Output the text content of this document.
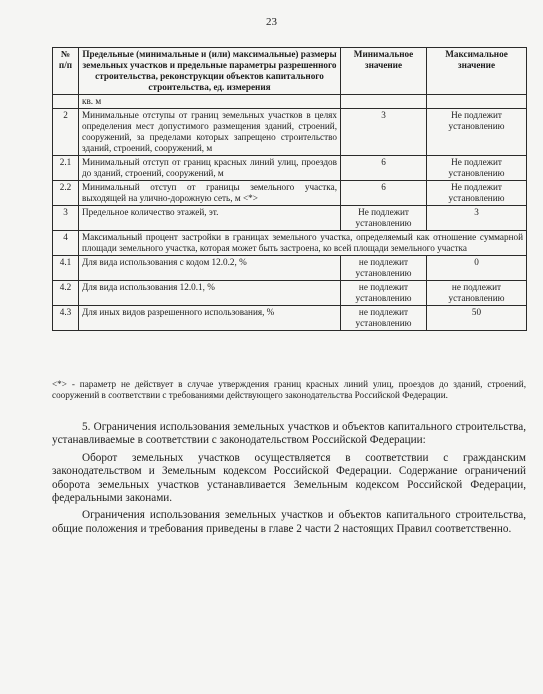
23
№ п/п	Предельные (минимальные и (или) максимальные) размеры земельных участков и предельные параметры разрешенного строительства, реконструкции объектов капитального строительства, ед. измерения	Минимальное значение	Максимальное значение
	кв. м		
2	Минимальные отступы от границ земельных участков в целях определения мест допустимого размещения зданий, строений, сооружений, за пределами которых запрещено строительство зданий, строений, сооружений, м	3	Не подлежит установлению
2.1	Минимальный отступ от границ красных линий улиц, проездов до зданий, строений, сооружений, м	6	Не подлежит установлению
2.2	Минимальный отступ от границы земельного участка, выходящей на улично-дорожную сеть, м <*>	6	Не подлежит установлению
3	Предельное количество этажей, эт.	Не подлежит установлению	3
4	Максимальный процент застройки в границах земельного участка, определяемый как отношение суммарной площади земельного участка, которая может быть застроена, ко всей площади земельного участка		
4.1	Для вида использования с кодом 12.0.2, %	не подлежит установлению	0
4.2	Для вида использования 12.0.1, %	не подлежит установлению	не подлежит установлению
4.3	Для иных видов разрешенного использования, %	не подлежит установлению	50
<*> - параметр не действует в случае утверждения границ красных линий улиц, проездов до зданий, строений, сооружений в соответствии с требованиями действующего законодательства Российской Федерации.

5. Ограничения использования земельных участков и объектов капитального строительства, устанавливаемые в соответствии с законодательством Российской Федерации:

Оборот земельных участков осуществляется в соответствии с гражданским законодательством и Земельным кодексом Российской Федерации. Содержание ограничений оборота земельных участков устанавливается Земельным кодексом Российской Федерации, федеральными законами.

Ограничения использования земельных участков и объектов капитального строительства, общие положения и требования приведены в главе 2 части 2 настоящих Правил соответственно.
